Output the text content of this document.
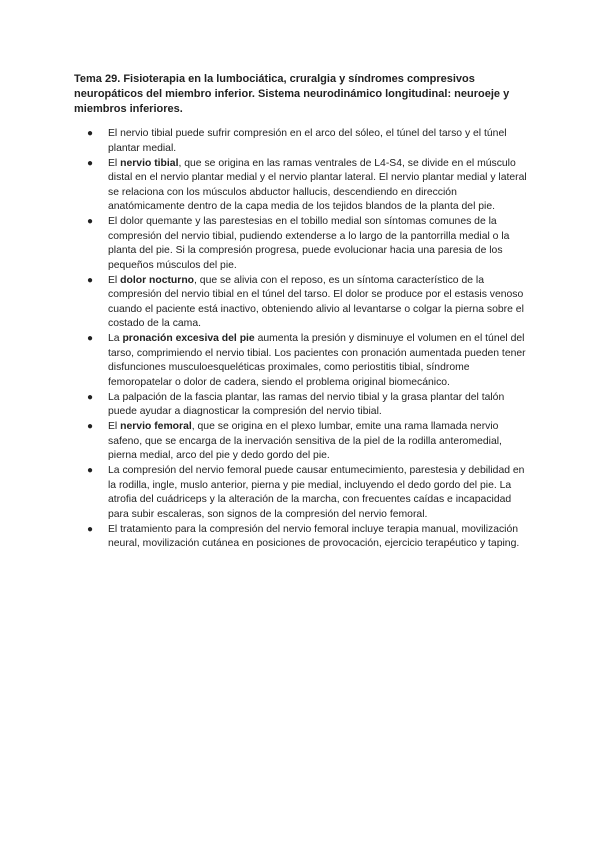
Tema 29. Fisioterapia en la lumbociática, cruralgia y síndromes compresivos neuropáticos del miembro inferior. Sistema neurodinámico longitudinal: neuroeje y miembros inferiores.

● El nervio tibial puede sufrir compresión en el arco del sóleo, el túnel del tarso y el túnel plantar medial.
● El nervio tibial, que se origina en las ramas ventrales de L4-S4, se divide en el músculo distal en el nervio plantar medial y el nervio plantar lateral. El nervio plantar medial y lateral se relaciona con los músculos abductor hallucis, descendiendo en dirección anatómicamente dentro de la capa media de los tejidos blandos de la planta del pie.
● El dolor quemante y las parestesias en el tobillo medial son síntomas comunes de la compresión del nervio tibial, pudiendo extenderse a lo largo de la pantorrilla medial o la planta del pie. Si la compresión progresa, puede evolucionar hacia una paresia de los pequeños músculos del pie.
● El dolor nocturno, que se alivia con el reposo, es un síntoma característico de la compresión del nervio tibial en el túnel del tarso. El dolor se produce por el estasis venoso cuando el paciente está inactivo, obteniendo alivio al levantarse o colgar la pierna sobre el costado de la cama.
● La pronación excesiva del pie aumenta la presión y disminuye el volumen en el túnel del tarso, comprimiendo el nervio tibial. Los pacientes con pronación aumentada pueden tener disfunciones musculoesqueléticas proximales, como periostitis tibial, síndrome femoropatelar o dolor de cadera, siendo el problema original biomecánico.
● La palpación de la fascia plantar, las ramas del nervio tibial y la grasa plantar del talón puede ayudar a diagnosticar la compresión del nervio tibial.
● El nervio femoral, que se origina en el plexo lumbar, emite una rama llamada nervio safeno, que se encarga de la inervación sensitiva de la piel de la rodilla anteromedial, pierna medial, arco del pie y dedo gordo del pie.
● La compresión del nervio femoral puede causar entumecimiento, parestesia y debilidad en la rodilla, ingle, muslo anterior, pierna y pie medial, incluyendo el dedo gordo del pie. La atrofia del cuádriceps y la alteración de la marcha, con frecuentes caídas e incapacidad para subir escaleras, son signos de la compresión del nervio femoral.
● El tratamiento para la compresión del nervio femoral incluye terapia manual, movilización neural, movilización cutánea en posiciones de provocación, ejercicio terapéutico y taping.
